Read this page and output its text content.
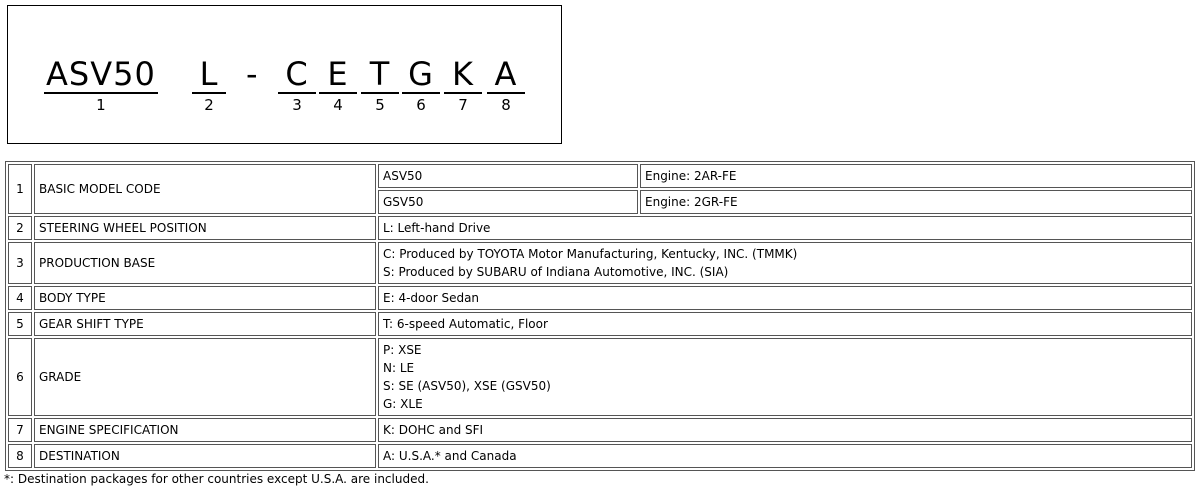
ASV50
1
L
2
- C
3
E
4
T
5
G
6
K
7
A
8
1	BASIC MODEL CODE	ASV50	Engine: 2AR-FE
		GSV50	Engine: 2GR-FE
2	STEERING WHEEL POSITION	L: Left-hand Drive	

3	PRODUCTION BASE	C: Produced by TOYOTA Motor Manufacturing, Kentucky, INC. (TMMK)
S: Produced by SUBARU of Indiana Automotive, INC. (SIA)	

4	BODY TYPE	E: 4-door Sedan	

5	GEAR SHIFT TYPE	T: 6-speed Automatic, Floor	

6	GRADE	P: XSE
N: LE
S: SE (ASV50), XSE (GSV50)
G: XLE	

7	ENGINE SPECIFICATION	K: DOHC and SFI	

8	DESTINATION	A: U.S.A.* and Canada	
*: Destination packages for other countries except U.S.A. are included.
